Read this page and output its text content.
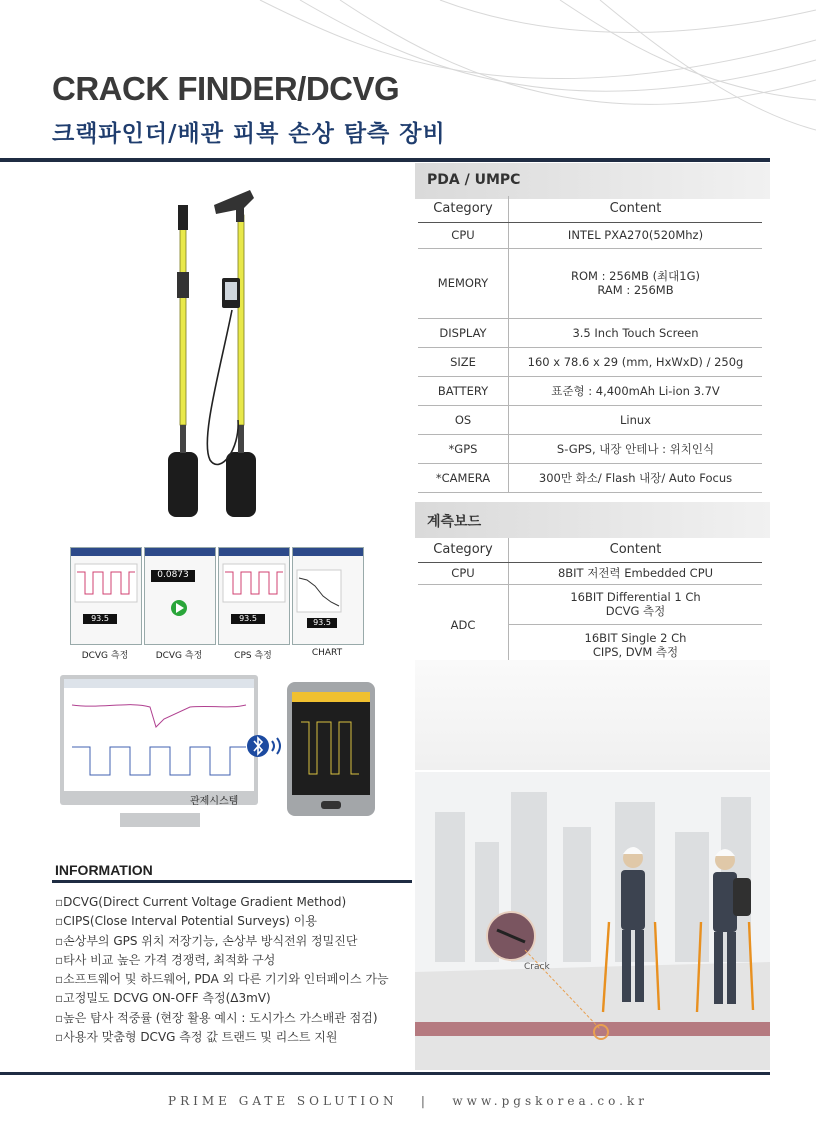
CRACK FINDER/DCVG
크랙파인더/배관 피복 손상 탐측 장비
PDA / UMPC
Category	Content
CPU	INTEL PXA270(520Mhz)
MEMORY	ROM : 256MB (최대1G)
RAM : 256MB

DISPLAY	3.5 Inch Touch Screen
SIZE	160 x 78.6 x 29 (mm, HxWxD) / 250g
BATTERY	표준형 : 4,400mAh Li-ion 3.7V
OS	Linux
*GPS	S-GPS, 내장 안테나 : 위치인식
*CAMERA	300만 화소/ Flash 내장/ Auto Focus
계측보드
Category	Content
CPU	8BIT 저전력 Embedded CPU
ADC	16BIT Differential 1 Ch
DCVG 측정

	16BIT Single 2 Ch
CIPS, DVM 측정
93.5
0.0873
93.5	93.5
DCVG 측정	DCVG 측정	CPS 측정	CHART
관제시스템
Crack
INFORMATION
▫ DCVG(Direct Current Voltage Gradient Method)
▫ CIPS(Close Interval Potential Surveys) 이용
▫ 손상부의 GPS 위치 저장기능, 손상부 방식전위 정밀진단
▫ 타사 비교 높은 가격 경쟁력, 최적화 구성
▫ 소프트웨어 및 하드웨어, PDA 외 다른 기기와 인터페이스 가능
▫ 고정밀도 DCVG ON-OFF 측정(Δ3mV)
▫ 높은 탐사 적중률 (현장 활용 예시 : 도시가스 가스배관 점검)
▫ 사용자 맞춤형 DCVG 측정 값 트랜드 및 리스트 지원
PRIME GATE SOLUTION   |   www.pgskorea.co.kr
